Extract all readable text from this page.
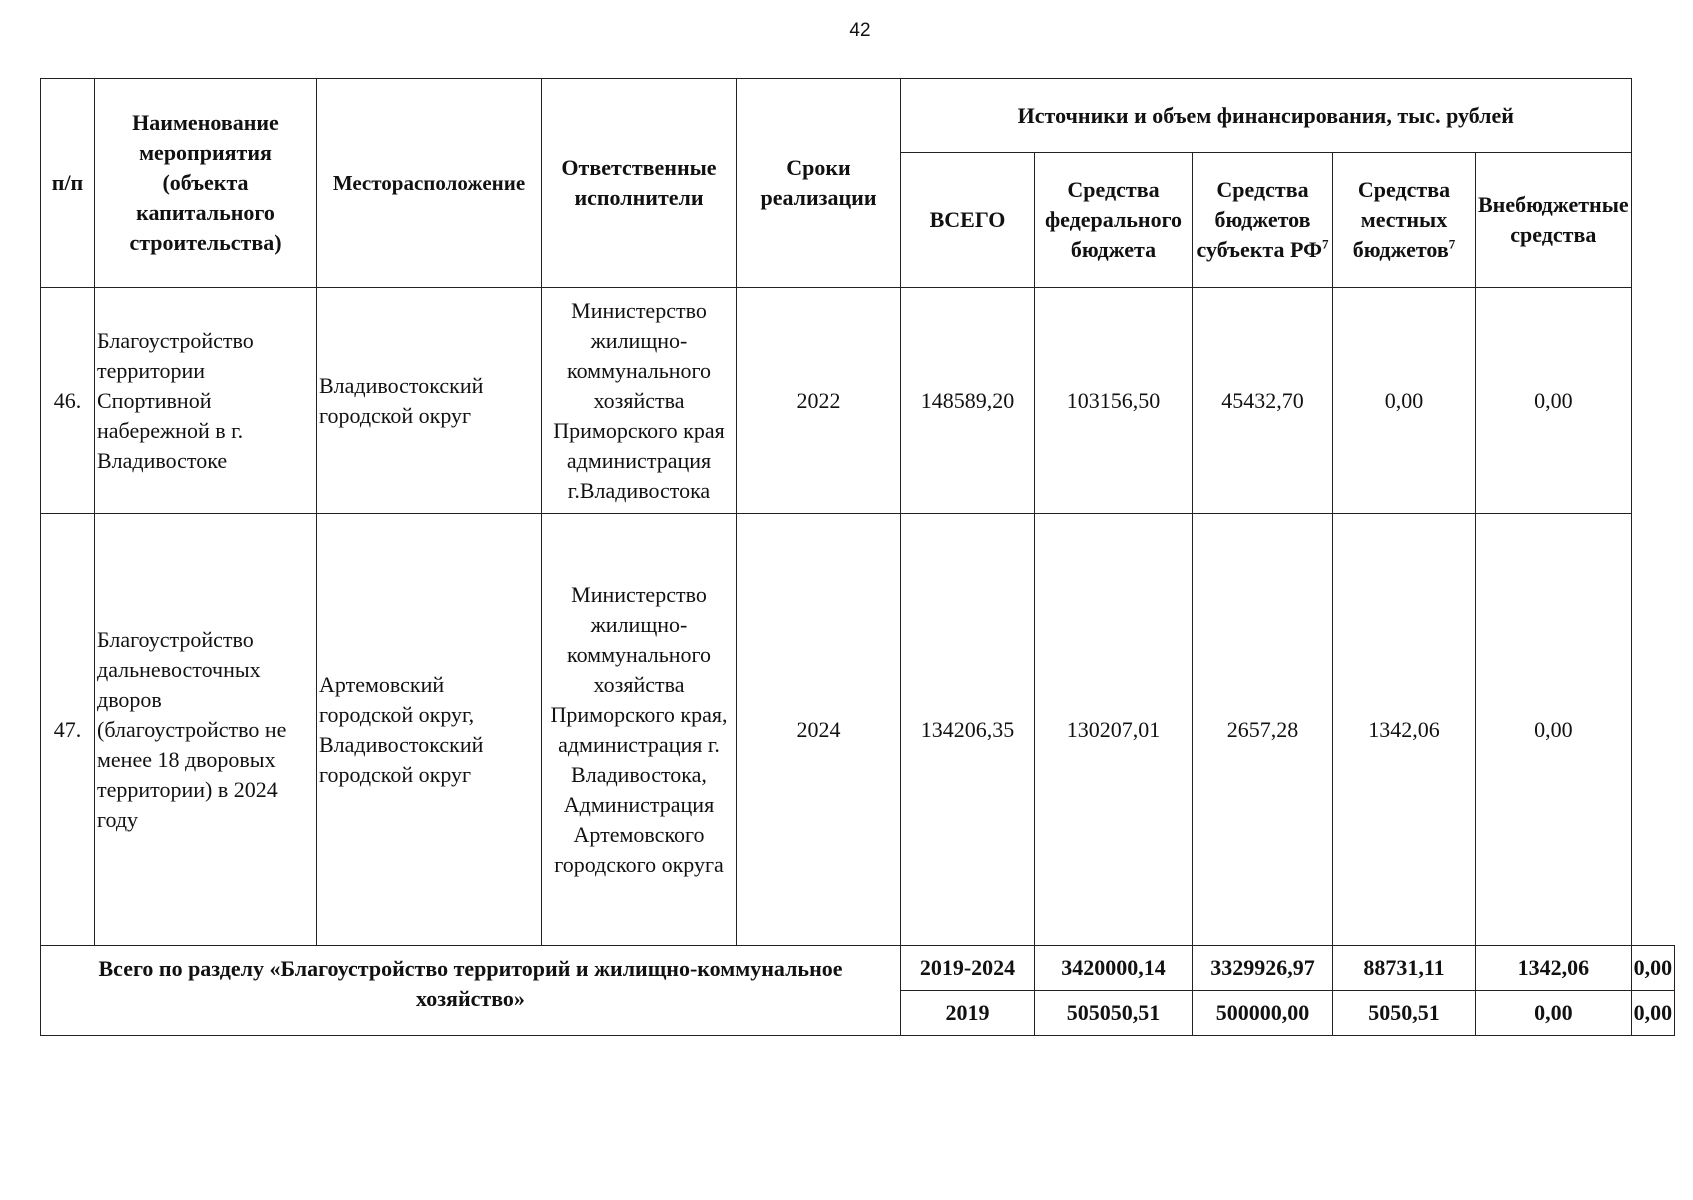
42
п/п	Наименование мероприятия (объекта капитального строительства)	Месторасположение	Ответственные исполнители	Сроки реализации	Источники и объем финансирования, тыс. рублей					
					ВСЕГО	Средства федерального бюджета	Средства бюджетов субъекта $РФ^7$	Средства местных бюджетов$^7$	Внебюджетные средства	
46.	Благоустройство территории Спортивной набережной в г. Владивостоке	Владивостокский городской округ	Министерство жилищно-коммунального хозяйства Приморского края администрация г.Владивостока	2022	148589,20	103156,50	45432,70	0,00	0,00	
47.	Благоустройство дальневосточных дворов (благоустройство не менее 18 дворовых территории) в 2024 году	Артемовский городской округ, Владивостокский городской округ	Министерство жилищно-коммунального хозяйства Приморского края, администрация г. Владивостока, Администрация Артемовского городского округа	2024	134206,35	130207,01	2657,28	1342,06	0,00	
Всего по разделу «Благоустройство территорий и жилищно-коммунальное хозяйство»					2019-2024	3420000,14	3329926,97	88731,11	1342,06	0,00
					2019	505050,51	500000,00	5050,51	0,00	0,00
